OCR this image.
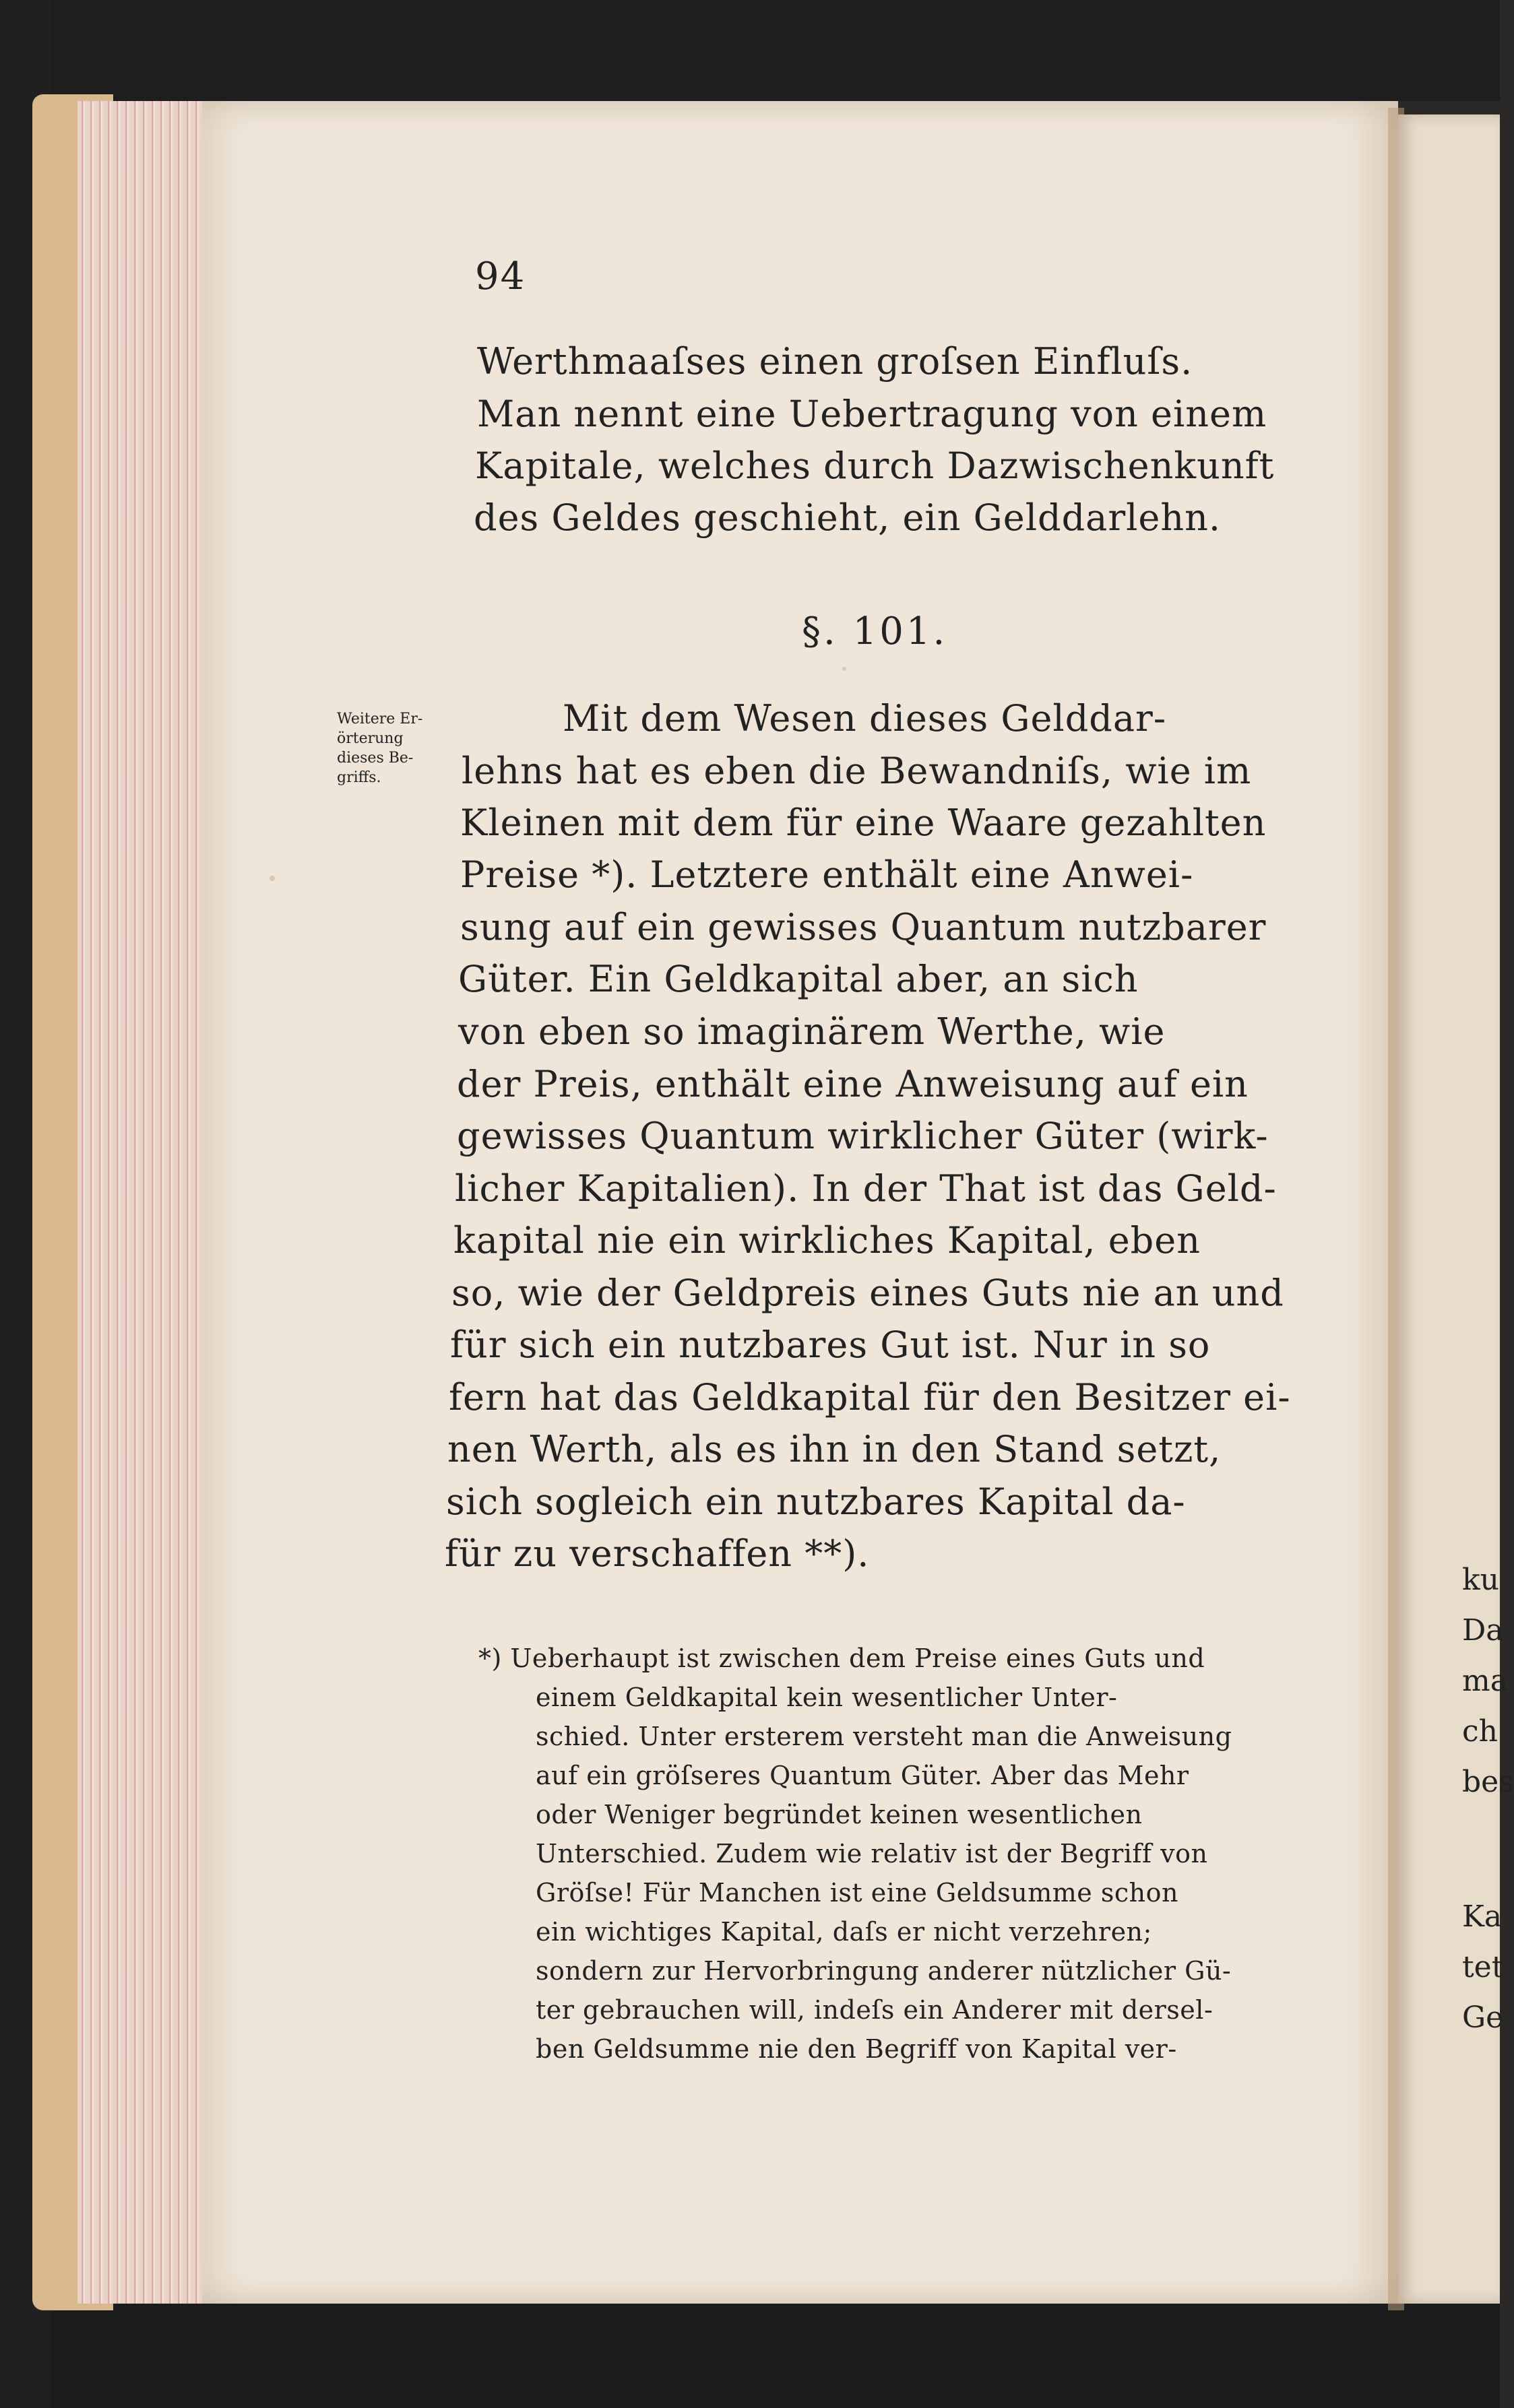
94
Werthmaaſses einen groſsen Einfluſs.
Man nennt eine Uebertragung von einem
Kapitale, welches durch Dazwischenkunft
des Geldes geschieht, ein Gelddarlehn.
§. 101.
Weitere Er-
örterung
dieses Be-
griffs.
Mit dem Wesen dieses Gelddar-
lehns hat es eben die Bewandniſs, wie im
Kleinen mit dem für eine Waare gezahlten
Preise *). Letztere enthält eine Anwei-
sung auf ein gewisses Quantum nutzbarer
Güter. Ein Geldkapital aber, an sich
von eben so imaginärem Werthe, wie
der Preis, enthält eine Anweisung auf ein
gewisses Quantum wirklicher Güter (wirk-
licher Kapitalien). In der That ist das Geld-
kapital nie ein wirkliches Kapital, eben
so, wie der Geldpreis eines Guts nie an und
für sich ein nutzbares Gut ist. Nur in so
fern hat das Geldkapital für den Besitzer ei-
nen Werth, als es ihn in den Stand setzt,
sich sogleich ein nutzbares Kapital da-
für zu verschaffen **).
*) Ueberhaupt ist zwischen dem Preise eines Guts und
einem Geldkapital kein wesentlicher Unter-
schied. Unter ersterem versteht man die Anweisung
auf ein gröſseres Quantum Güter. Aber das Mehr
oder Weniger begründet keinen wesentlichen
Unterschied. Zudem wie relativ ist der Begriff von
Gröſse! Für Manchen ist eine Geldsumme schon
ein wichtiges Kapital, daſs er nicht verzehren;
sondern zur Hervorbringung anderer nützlicher Gü-
ter gebrauchen will, indeſs ein Anderer mit dersel-
ben Geldsumme nie den Begriff von Kapital ver-
ku
Da
ma
ch
bes
Ka
tet
Ge
